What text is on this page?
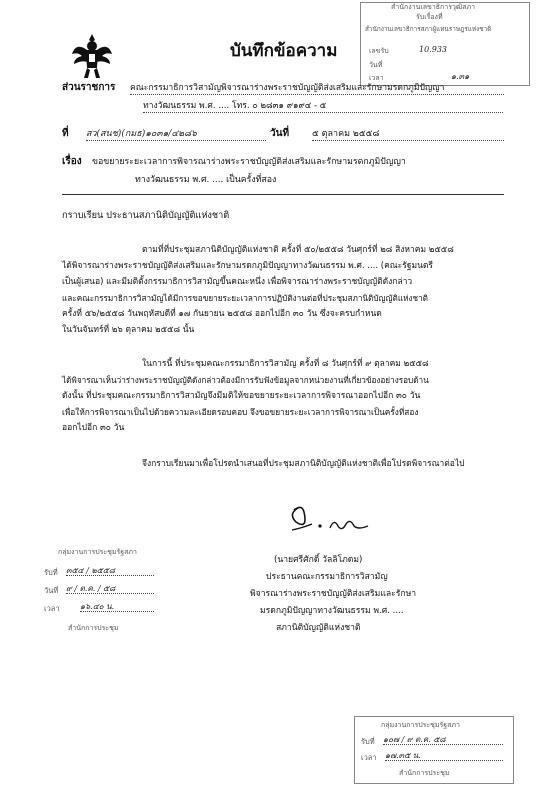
บันทึกข้อความ
สำนักงานเลขาธิการวุฒิสภา
รับเรื่องที่
สำนักงานเลขาธิการสภาผู้แทนราษฎรแห่งชาติ
เลขรับ	10.933
วันที่
เวลา	๑.๓๑
ส่วนราชการ คณะกรรมาธิการวิสามัญพิจารณาร่างพระราชบัญญัติส่งเสริมและรักษามรดกภูมิปัญญา
ทางวัฒนธรรม พ.ศ. .... โทร. ๐ ๒๘๓๑ ๙๑๙๔ - ๕
ที่ สว(สนช)(กมธ)๑๐๓๑/๔๒๘๖	วันที่	๕ ตุลาคม ๒๕๕๘
เรื่อง ขอขยายระยะเวลาการพิจารณาร่างพระราชบัญญัติส่งเสริมและรักษามรดกภูมิปัญญา
ทางวัฒนธรรม พ.ศ. .... เป็นครั้งที่สอง
กราบเรียน ประธานสภานิติบัญญัติแห่งชาติ
ตามที่ที่ประชุมสภานิติบัญญัติแห่งชาติ ครั้งที่ ๕๐/๒๕๕๘ วันศุกร์ที่ ๒๘ สิงหาคม ๒๕๕๘
ได้พิจารณาร่างพระราชบัญญัติส่งเสริมและรักษามรดกภูมิปัญญาทางวัฒนธรรม พ.ศ. .... (คณะรัฐมนตรี
เป็นผู้เสนอ) และมีมติตั้งกรรมาธิการวิสามัญขึ้นคณะหนึ่ง เพื่อพิจารณาร่างพระราชบัญญัติดังกล่าว
และคณะกรรมาธิการวิสามัญได้มีการขอขยายระยะเวลาการปฏิบัติงานต่อที่ประชุมสภานิติบัญญัติแห่งชาติ
ครั้งที่ ๕๖/๒๕๕๘ วันพฤหัสบดีที่ ๑๗ กันยายน ๒๕๕๘ ออกไปอีก ๓๐ วัน ซึ่งจะครบกำหนด
ในวันจันทร์ที่ ๒๖ ตุลาคม ๒๕๕๘ นั้น
ในการนี้ ที่ประชุมคณะกรรมาธิการวิสามัญ ครั้งที่ ๘ วันศุกร์ที่ ๙ ตุลาคม ๒๕๕๘
ได้พิจารณาเห็นว่าร่างพระราชบัญญัติดังกล่าวต้องมีการรับฟังข้อมูลจากหน่วยงานที่เกี่ยวข้องอย่างรอบด้าน
ดังนั้น ที่ประชุมคณะกรรมาธิการวิสามัญจึงมีมติให้ขอขยายระยะเวลาการพิจารณาออกไปอีก ๓๐ วัน
เพื่อให้การพิจารณาเป็นไปด้วยความละเอียดรอบคอบ จึงขอขยายระยะเวลาการพิจารณาเป็นครั้งที่สอง
ออกไปอีก ๓๐ วัน
จึงกราบเรียนมาเพื่อโปรดนำเสนอที่ประชุมสภานิติบัญญัติแห่งชาติเพื่อโปรดพิจารณาต่อไป
(นายศรีศักดิ์ วัลลิโภดม)
ประธานคณะกรรมาธิการวิสามัญ
พิจารณาร่างพระราชบัญญัติส่งเสริมและรักษา
มรดกภูมิปัญญาทางวัฒนธรรม พ.ศ. ....
สภานิติบัญญัติแห่งชาติ
กลุ่มงานการประชุมรัฐสภา
รับที่ ๓๕๔ / ๒๕๕๘
วันที่ ๙ / ต.ค. / ๕๘
เวลา	๑๖.๔๐ น.
สำนักการประชุม
กลุ่มงานการประชุมรัฐสภา
รับที่ ๑๐๗ / ๙ ต.ค. ๕๘
เวลา ๑๗.๓๕ น.
สำนักการประชุม
